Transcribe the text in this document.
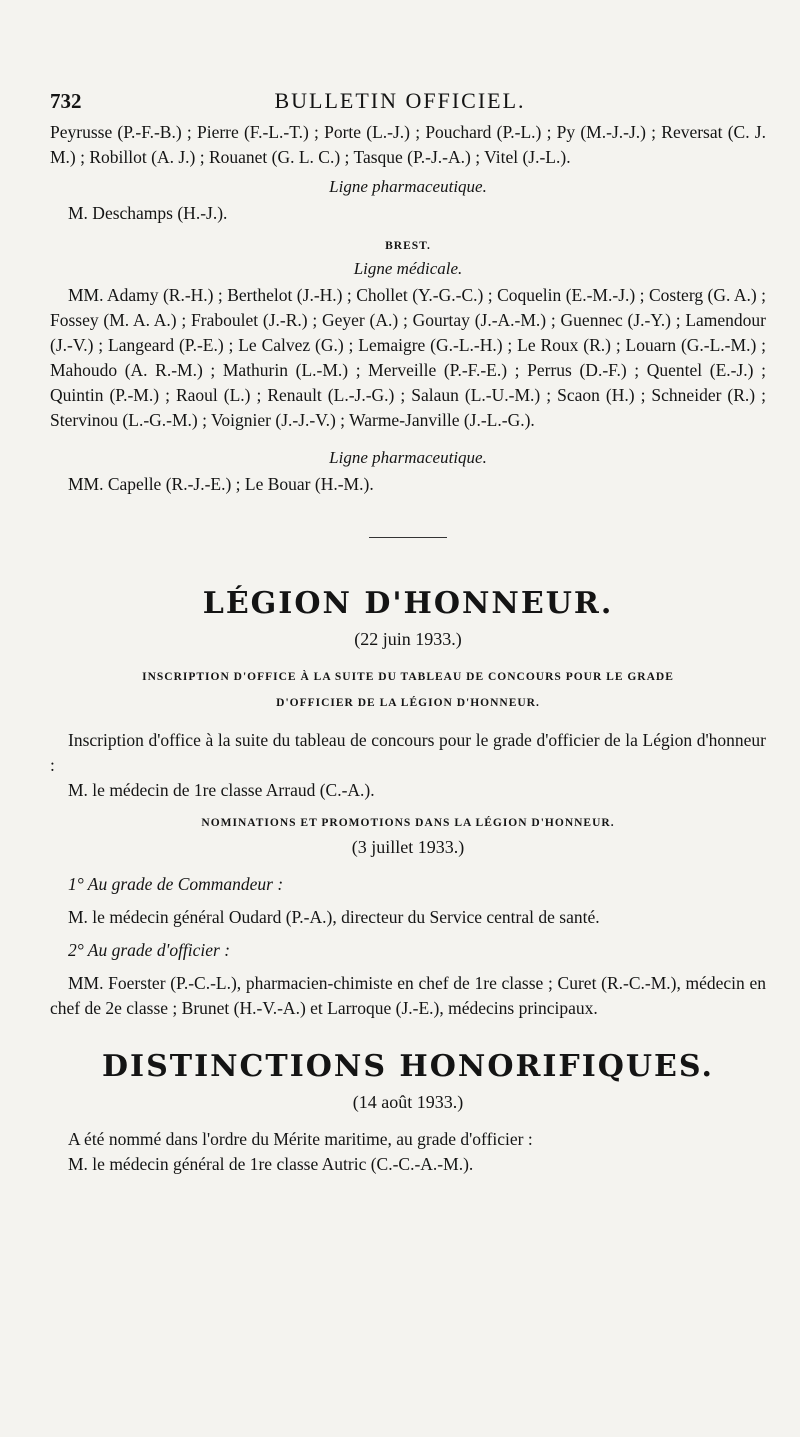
732	BULLETIN OFFICIEL.

Peyrusse (P.-F.-B.) ; Pierre (F.-L.-T.) ; Porte (L.-J.) ; Pouchard (P.-L.) ; Py (M.-J.-J.) ; Reversat (C. J. M.) ; Robillot (A. J.) ; Rouanet (G. L. C.) ; Tasque (P.-J.-A.) ; Vitel (J.-L.).

Ligne pharmaceutique.

M. Deschamps (H.-J.).

BREST.
Ligne médicale.

MM. Adamy (R.-H.) ; Berthelot (J.-H.) ; Chollet (Y.-G.-C.) ; Coquelin (E.-M.-J.) ; Costerg (G. A.) ; Fossey (M. A. A.) ; Fraboulet (J.-R.) ; Geyer (A.) ; Gourtay (J.-A.-M.) ; Guennec (J.-Y.) ; Lamendour (J.-V.) ; Langeard (P.-E.) ; Le Calvez (G.) ; Lemaigre (G.-L.-H.) ; Le Roux (R.) ; Louarn (G.-L.-M.) ; Mahoudo (A. R.-M.) ; Mathurin (L.-M.) ; Merveille (P.-F.-E.) ; Perrus (D.-F.) ; Quentel (E.-J.) ; Quintin (P.-M.) ; Raoul (L.) ; Renault (L.-J.-G.) ; Salaun (L.-U.-M.) ; Scaon (H.) ; Schneider (R.) ; Stervinou (L.-G.-M.) ; Voignier (J.-J.-V.) ; Warme-Janville (J.-L.-G.).

Ligne pharmaceutique.

MM. Capelle (R.-J.-E.) ; Le Bouar (H.-M.).

LÉGION D'HONNEUR.
(22 juin 1933.)
INSCRIPTION D'OFFICE À LA SUITE DU TABLEAU DE CONCOURS POUR LE GRADE
D'OFFICIER DE LA LÉGION D'HONNEUR.

Inscription d'office à la suite du tableau de concours pour le grade d'officier de la Légion d'honneur :

M. le médecin de 1re classe Arraud (C.-A.).

NOMINATIONS ET PROMOTIONS DANS LA LÉGION D'HONNEUR.
(3 juillet 1933.)

1° Au grade de Commandeur :

M. le médecin général Oudard (P.-A.), directeur du Service central de santé.

2° Au grade d'officier :

MM. Foerster (P.-C.-L.), pharmacien-chimiste en chef de 1re classe ; Curet (R.-C.-M.), médecin en chef de 2e classe ; Brunet (H.-V.-A.) et Larroque (J.-E.), médecins principaux.

DISTINCTIONS HONORIFIQUES.
(14 août 1933.)

A été nommé dans l'ordre du Mérite maritime, au grade d'officier :

M. le médecin général de 1re classe Autric (C.-C.-A.-M.).
